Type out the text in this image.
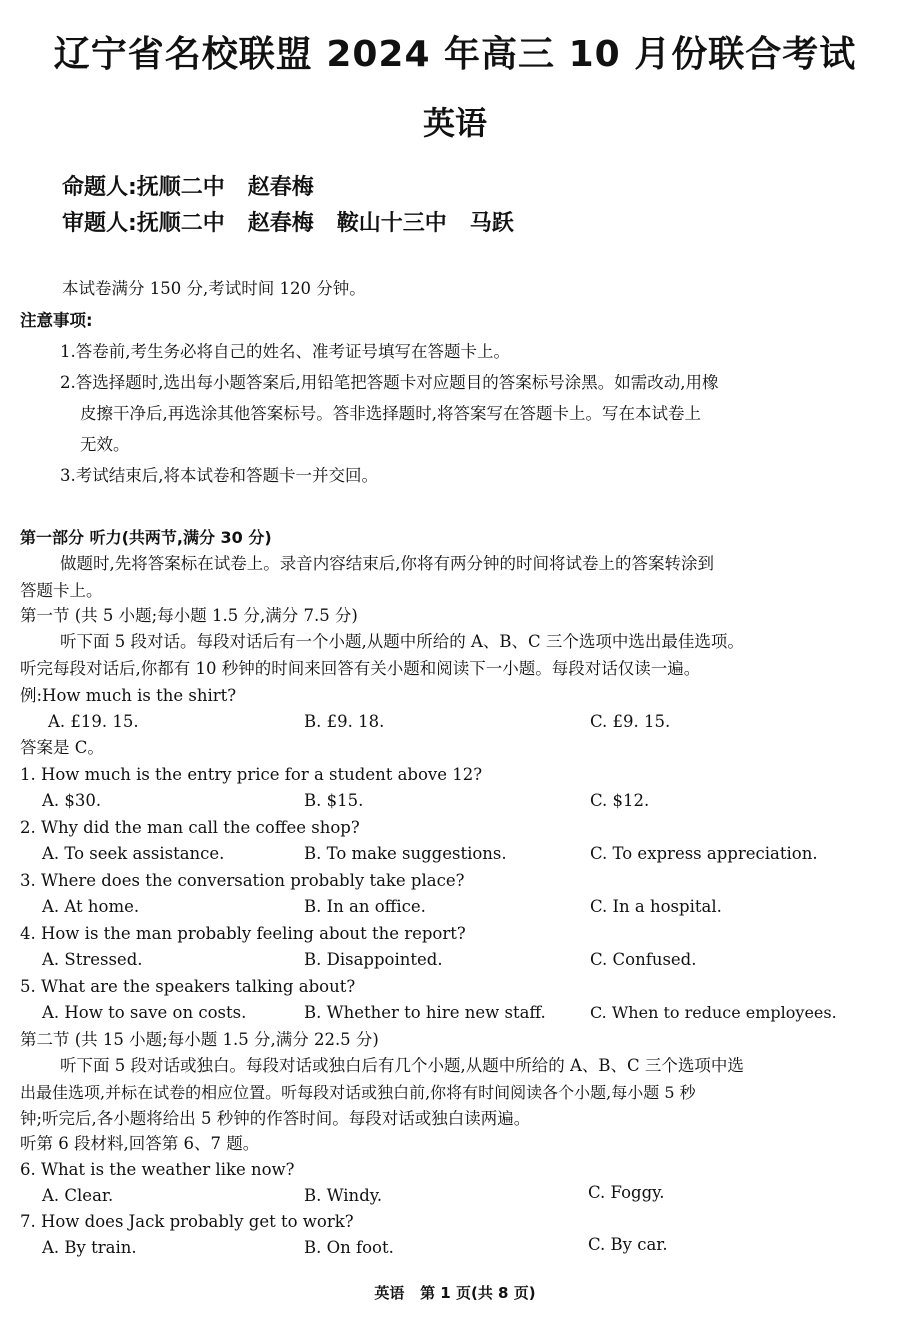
辽宁省名校联盟 2024 年高三 10 月份联合考试
英语
命题人:抚顺二中   赵春梅
审题人:抚顺二中   赵春梅   鞍山十三中   马跃
本试卷满分 150 分,考试时间 120 分钟。
注意事项:
1.答卷前,考生务必将自己的姓名、准考证号填写在答题卡上。
2.答选择题时,选出每小题答案后,用铅笔把答题卡对应题目的答案标号涂黑。如需改动,用橡
皮擦干净后,再选涂其他答案标号。答非选择题时,将答案写在答题卡上。写在本试卷上
无效。
3.考试结束后,将本试卷和答题卡一并交回。
第一部分 听力(共两节,满分 30 分)
做题时,先将答案标在试卷上。录音内容结束后,你将有两分钟的时间将试卷上的答案转涂到
答题卡上。
第一节 (共 5 小题;每小题 1.5 分,满分 7.5 分)
听下面 5 段对话。每段对话后有一个小题,从题中所给的 A、B、C 三个选项中选出最佳选项。
听完每段对话后,你都有 10 秒钟的时间来回答有关小题和阅读下一小题。每段对话仅读一遍。
例:How much is the shirt?
A. £19. 15.	B. £9. 18.	C. £9. 15.
答案是 C。
1. How much is the entry price for a student above 12?
A. $30.	B. $15.	C. $12.
2. Why did the man call the coffee shop?
A. To seek assistance.	B. To make suggestions.	C. To express appreciation.
3. Where does the conversation probably take place?
A. At home.	B. In an office.	C. In a hospital.
4. How is the man probably feeling about the report?
A. Stressed.	B. Disappointed.	C. Confused.
5. What are the speakers talking about?
A. How to save on costs.	B. Whether to hire new staff.	C. When to reduce employees.
第二节 (共 15 小题;每小题 1.5 分,满分 22.5 分)
听下面 5 段对话或独白。每段对话或独白后有几个小题,从题中所给的 A、B、C 三个选项中选
出最佳选项,并标在试卷的相应位置。听每段对话或独白前,你将有时间阅读各个小题,每小题 5 秒
钟;听完后,各小题将给出 5 秒钟的作答时间。每段对话或独白读两遍。
听第 6 段材料,回答第 6、7 题。
6. What is the weather like now?
A. Clear.	B. Windy.	C. Foggy.
7. How does Jack probably get to work?
A. By train.	B. On foot.	C. By car.
英语   第 1 页(共 8 页)
